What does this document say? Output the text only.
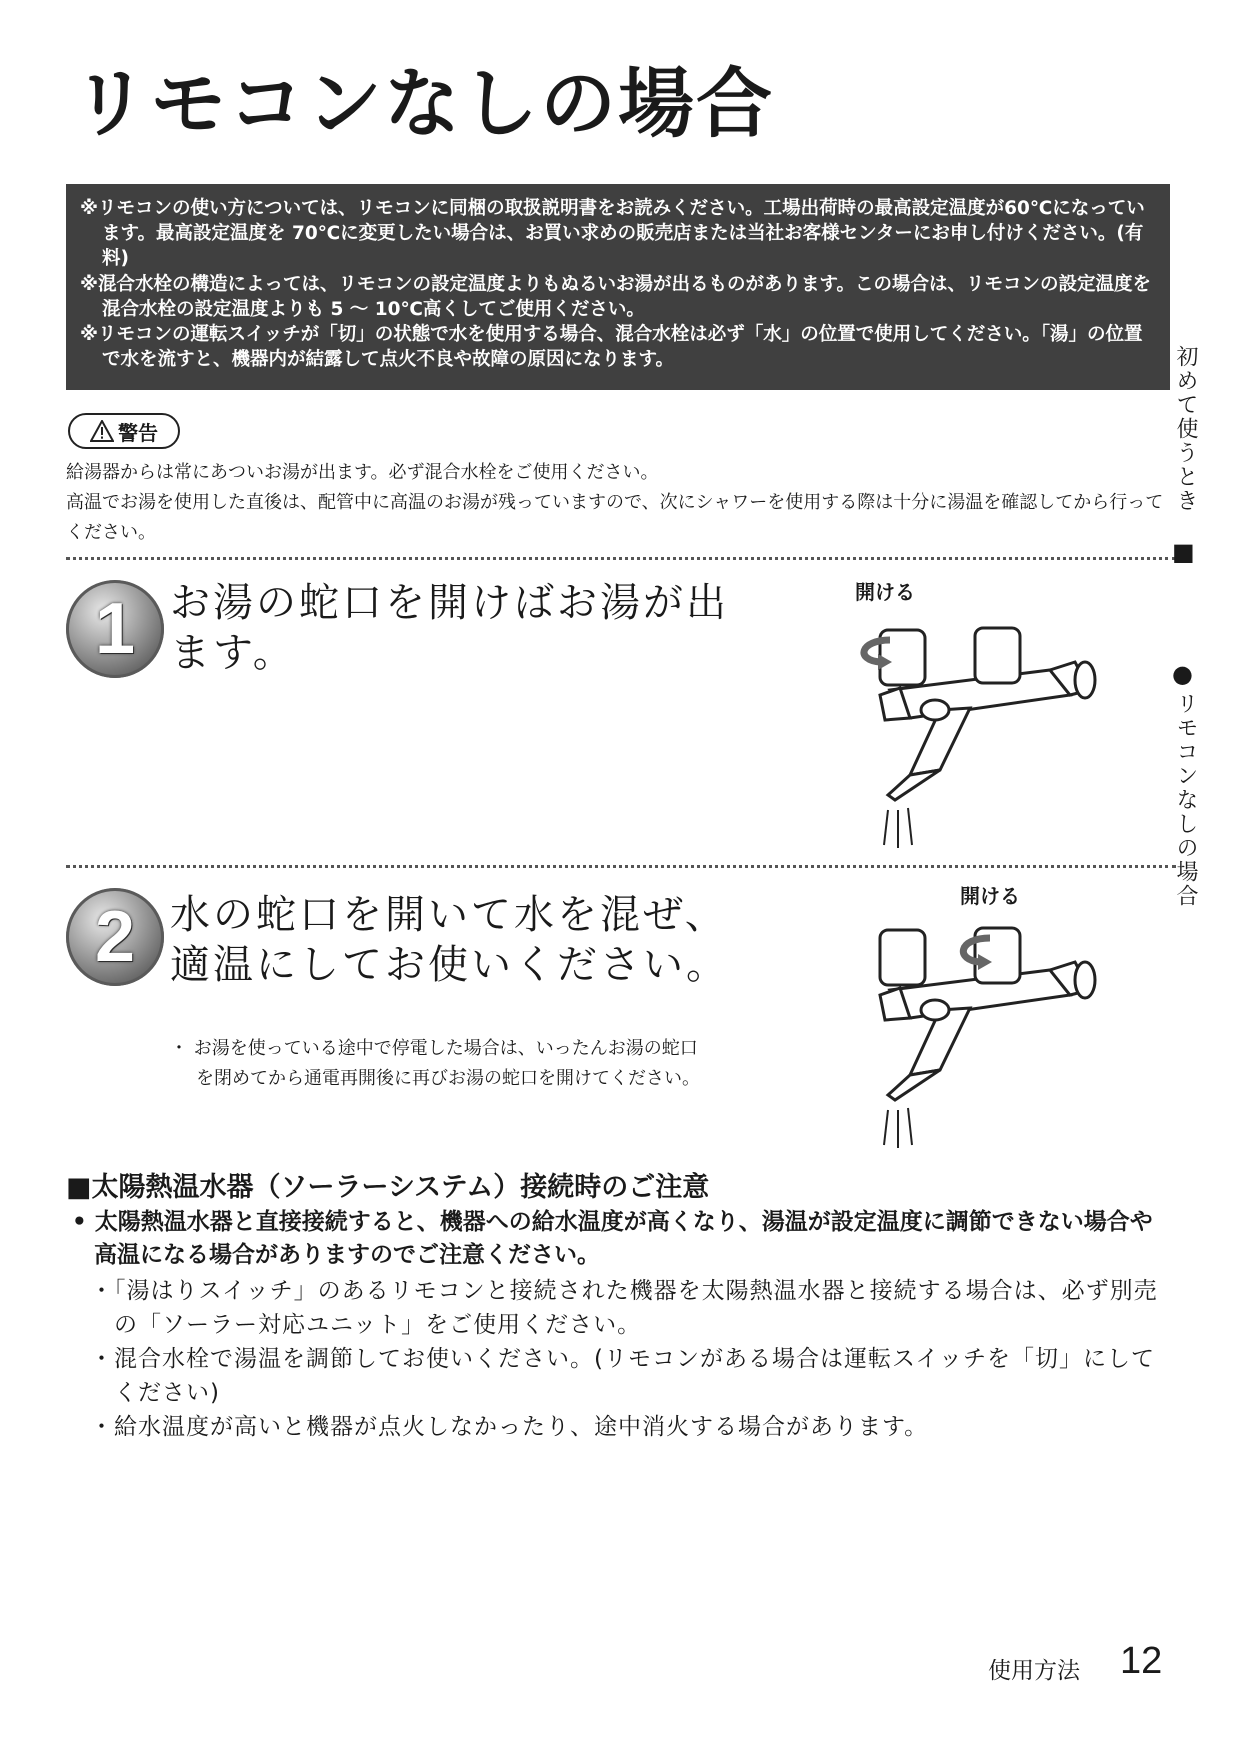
リモコンなしの場合

※リモコンの使い方については、リモコンに同梱の取扱説明書をお読みください。工場出荷時の最高設定温度が60℃になっています。最高設定温度を 70℃に変更したい場合は、お買い求めの販売店または当社お客様センターにお申し付けください。(有料)

※混合水栓の構造によっては、リモコンの設定温度よりもぬるいお湯が出るものがあります。この場合は、リモコンの設定温度を混合水栓の設定温度よりも 5 ～ 10℃高くしてご使用ください。

※リモコンの運転スイッチが「切」の状態で水を使用する場合、混合水栓は必ず「水」の位置で使用してください。「湯」の位置で水を流すと、機器内が結露して点火不良や故障の原因になります。

警告

給湯器からは常にあついお湯が出ます。必ず混合水栓をご使用ください。

高温でお湯を使用した直後は、配管中に高温のお湯が残っていますので、次にシャワーを使用する際は十分に湯温を確認してから行ってください。

1 お湯の蛇口を開けばお湯が出
ます。
開ける
2 水の蛇口を開いて水を混ぜ、
適温にしてお使いください。
・ お湯を使っている途中で停電した場合は、いったんお湯の蛇口
を閉めてから通電再開後に再びお湯の蛇口を開けてください。
開ける
初めて使うとき
■
●
リモコンなしの場合
■太陽熱温水器（ソーラーシステム）接続時のご注意

• 太陽熱温水器と直接接続すると、機器への給水温度が高くなり、湯温が設定温度に調節できない場合や高温になる場合がありますのでご注意ください。

・「湯はりスイッチ」のあるリモコンと接続された機器を太陽熱温水器と接続する場合は、必ず別売の「ソーラー対応ユニット」をご使用ください。

・混合水栓で湯温を調節してお使いください。(リモコンがある場合は運転スイッチを「切」にしてください)

・給水温度が高いと機器が点火しなかったり、途中消火する場合があります。

使用方法 12
